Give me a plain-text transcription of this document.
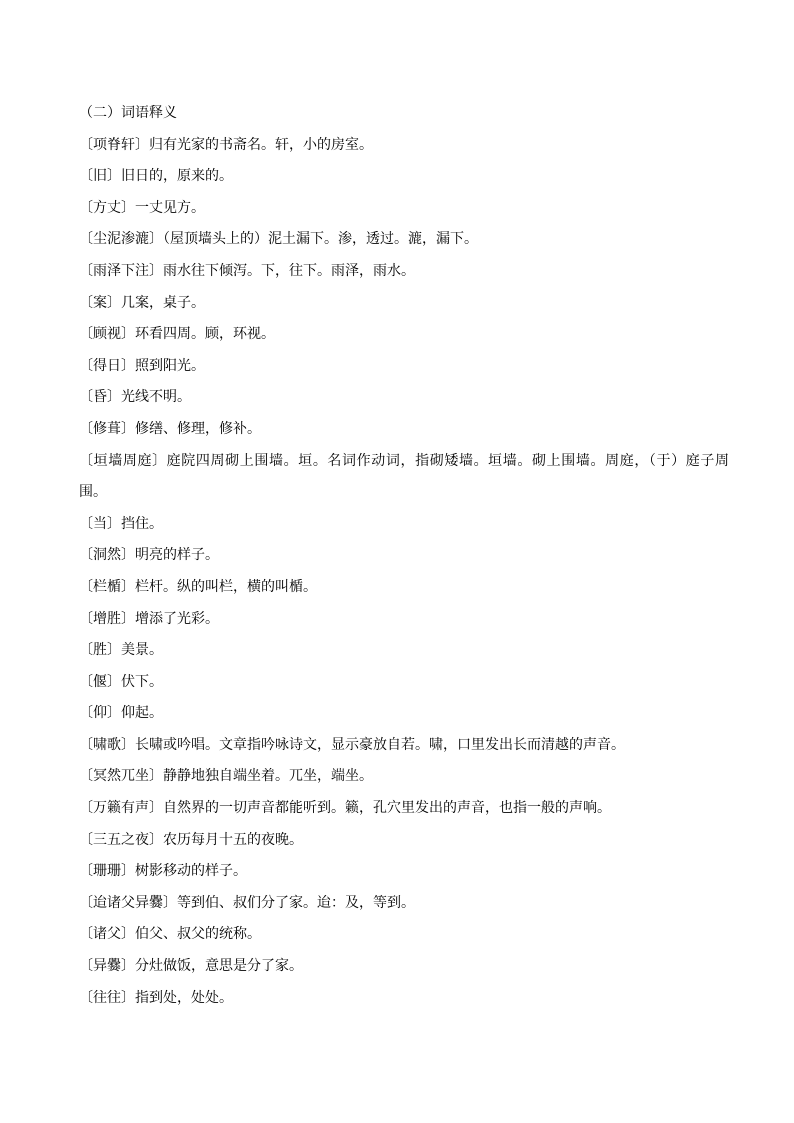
（二）词语释义

〔项脊轩〕归有光家的书斋名。轩，小的房室。

〔旧〕旧日的，原来的。

〔方丈〕一丈见方。

〔尘泥渗漉〕（屋顶墙头上的）泥土漏下。渗，透过。漉，漏下。

〔雨泽下注〕雨水往下倾泻。下，往下。雨泽，雨水。

〔案〕几案，桌子。

〔顾视〕环看四周。顾，环视。

〔得日〕照到阳光。

〔昏〕光线不明。

〔修葺〕修缮、修理，修补。

〔垣墙周庭〕庭院四周砌上围墙。垣。名词作动词，指砌矮墙。垣墙。砌上围墙。周庭，（于）庭子周围。

〔当〕挡住。

〔洞然〕明亮的样子。

〔栏楯〕栏杆。纵的叫栏，横的叫楯。

〔增胜〕增添了光彩。

〔胜〕美景。

〔偃〕伏下。

〔仰〕仰起。

〔啸歌〕长啸或吟唱。文章指吟咏诗文，显示豪放自若。啸，口里发出长而清越的声音。

〔冥然兀坐〕静静地独自端坐着。兀坐，端坐。

〔万籁有声〕自然界的一切声音都能听到。籁，孔穴里发出的声音，也指一般的声响。

〔三五之夜〕农历每月十五的夜晚。

〔珊珊〕树影移动的样子。

〔迨诸父异爨〕等到伯、叔们分了家。迨：及，等到。

〔诸父〕伯父、叔父的统称。

〔异爨〕分灶做饭，意思是分了家。

〔往往〕指到处，处处。
